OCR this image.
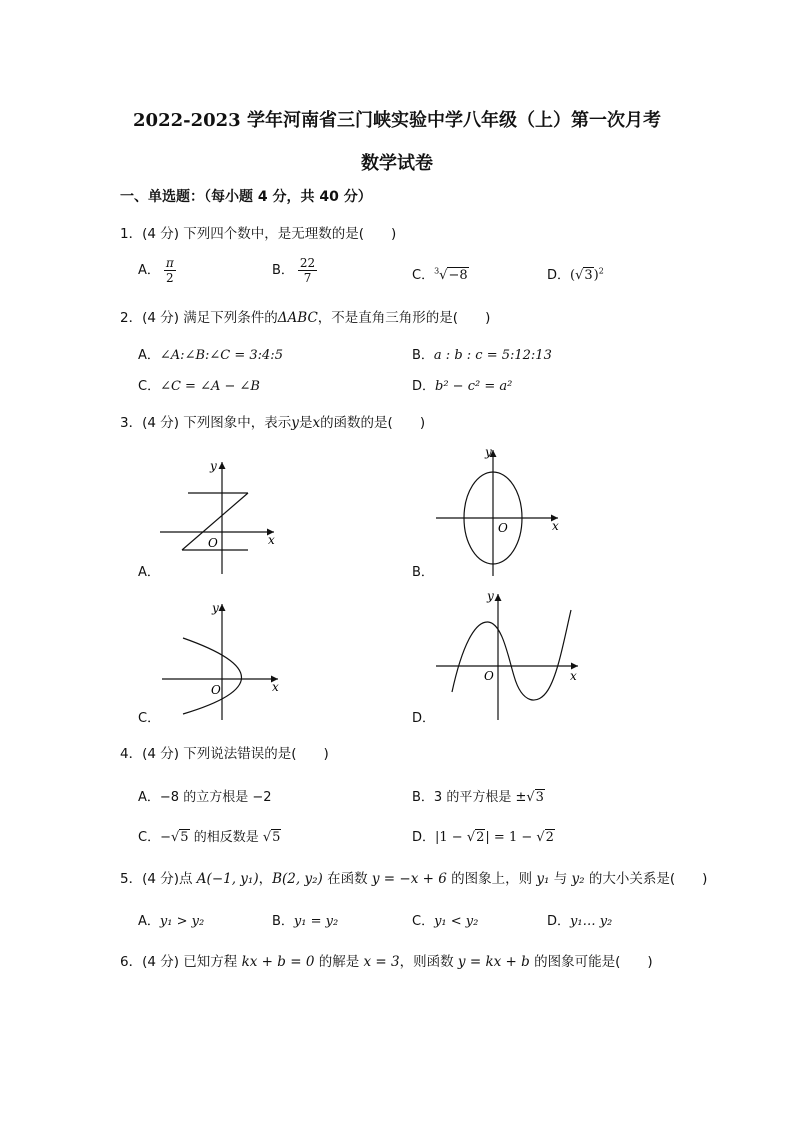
2022-2023 学年河南省三门峡实验中学八年级（上）第一次月考
数学试卷
一、单选题：（每小题 4 分，共 40 分）
1．(4 分) 下列四个数中，是无理数的是(　　)
A． $\frac{\pi}{2}$	B． $\frac{22}{7}$	C．$^3$√−8	D．$(√3)^2$
2．(4 分) 满足下列条件的ΔABC，不是直角三角形的是(　　)
A．∠A:∠B:∠C = 3:4:5	B．a : b : c = 5:12:13
C．∠C = ∠A − ∠B	D．b² − c² = a²
3．(4 分) 下列图象中，表示y是x的函数的是(　　)
O	x
y
A．
O	x
y
B．
O	x
y
C．
O	x
y
D．
4．(4 分) 下列说法错误的是(　　)
A．−8 的立方根是 −2	B．3 的平方根是 ±√3
C．−√5 的相反数是 √5	D．|1 − √2| = 1 − √2
5．(4 分)点 A(−1, y₁)，B(2, y₂) 在函数 y = −x + 6 的图象上，则 y₁ 与 y₂ 的大小关系是(　　)
A．y₁ > y₂	B．y₁ = y₂	C．y₁ < y₂	D．y₁… y₂
6．(4 分) 已知方程 kx + b = 0 的解是 x = 3，则函数 y = kx + b 的图象可能是(　　)
